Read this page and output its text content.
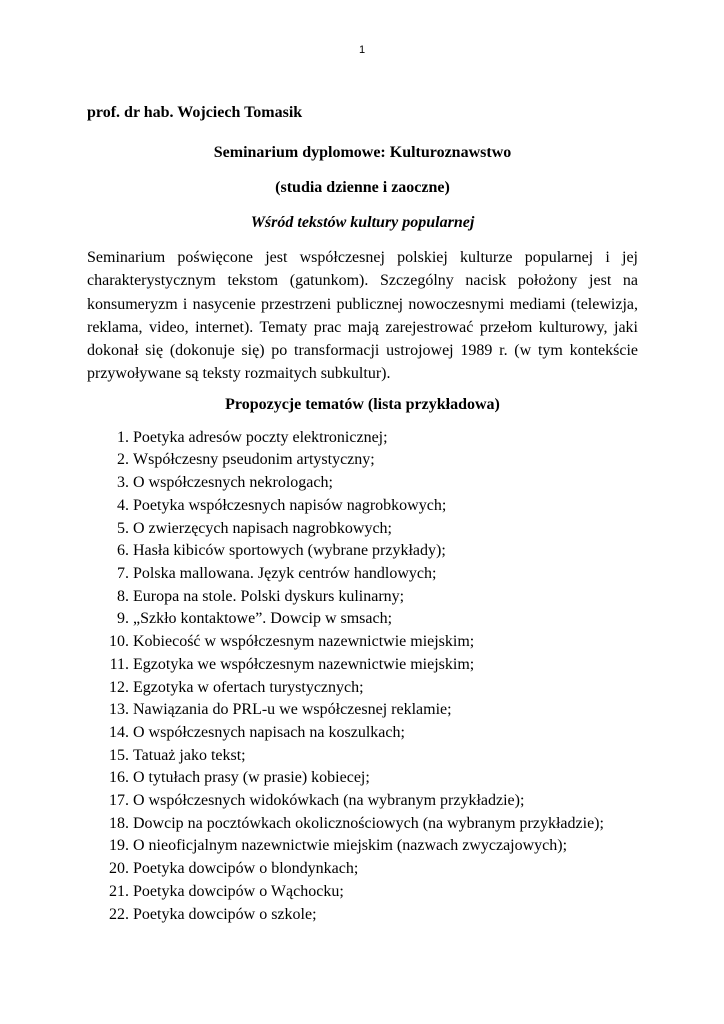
1

prof. dr hab. Wojciech Tomasik

Seminarium dyplomowe: Kulturoznawstwo

(studia dzienne i zaoczne)

Wśród tekstów kultury popularnej

Seminarium poświęcone jest współczesnej polskiej kulturze popularnej i jej charakterystycznym tekstom (gatunkom). Szczególny nacisk położony jest na konsumeryzm i nasycenie przestrzeni publicznej nowoczesnymi mediami (telewizja, reklama, video, internet). Tematy prac mają zarejestrować przełom kulturowy, jaki dokonał się (dokonuje się) po transformacji ustrojowej 1989 r. (w tym kontekście przywoływane są teksty rozmaitych subkultur).

Propozycje tematów (lista przykładowa)

1.
Poetyka adresów poczty elektronicznej;
2.
Współczesny pseudonim artystyczny;
3.
O współczesnych nekrologach;
4.
Poetyka współczesnych napisów nagrobkowych;
5.
O zwierzęcych napisach nagrobkowych;
6.
Hasła kibiców sportowych (wybrane przykłady);
7.
Polska mallowana. Język centrów handlowych;
8.
Europa na stole. Polski dyskurs kulinarny;
9.
„Szkło kontaktowe”. Dowcip w smsach;
10.
Kobiecość w współczesnym nazewnictwie miejskim;
11.
Egzotyka we współczesnym nazewnictwie miejskim;
12.
Egzotyka w ofertach turystycznych;
13.
Nawiązania do PRL-u we współczesnej reklamie;
14.
O współczesnych napisach na koszulkach;
15.
Tatuaż jako tekst;
16.
O tytułach prasy (w prasie) kobiecej;
17.
O współczesnych widokówkach (na wybranym przykładzie);
18.
Dowcip na pocztówkach okolicznościowych (na wybranym przykładzie);
19.
O nieoficjalnym nazewnictwie miejskim (nazwach zwyczajowych);
20.
Poetyka dowcipów o blondynkach;
21.
Poetyka dowcipów o Wąchocku;
22.
Poetyka dowcipów o szkole;
